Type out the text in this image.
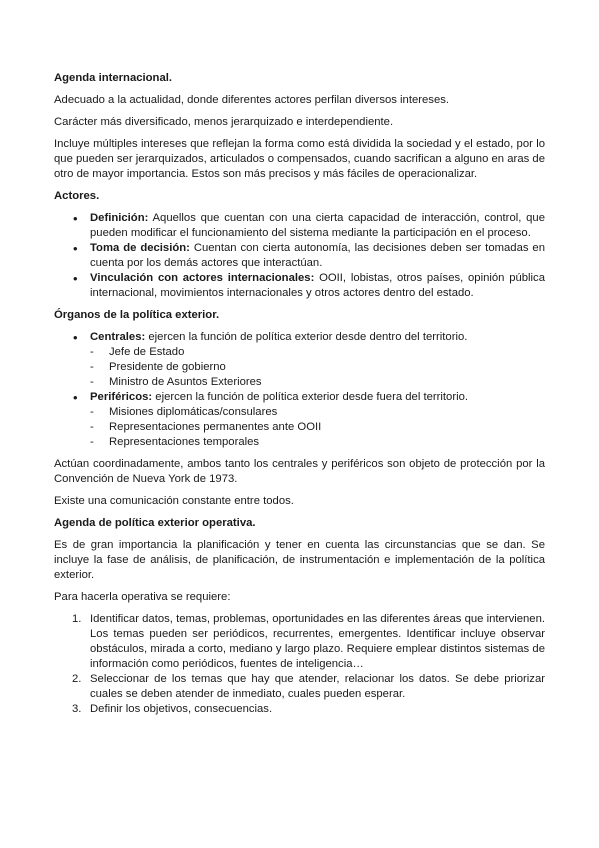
Agenda internacional.

Adecuado a la actualidad, donde diferentes actores perfilan diversos intereses.

Carácter más diversificado, menos jerarquizado e interdependiente.

Incluye múltiples intereses que reflejan la forma como está dividida la sociedad y el estado, por lo que pueden ser jerarquizados, articulados o compensados, cuando sacrifican a alguno en aras de otro de mayor importancia. Estos son más precisos y más fáciles de operacionalizar.

Actores.
• Definición: Aquellos que cuentan con una cierta capacidad de interacción, control, que pueden modificar el funcionamiento del sistema mediante la participación en el proceso.
• Toma de decisión: Cuentan con cierta autonomía, las decisiones deben ser tomadas en cuenta por los demás actores que interactúan.
• Vinculación con actores internacionales: OOII, lobistas, otros países, opinión pública internacional, movimientos internacionales y otros actores dentro del estado.
Órganos de la política exterior.
• Centrales: ejercen la función de política exterior desde dentro del territorio.
- Jefe de Estado
- Presidente de gobierno
- Ministro de Asuntos Exteriores
• Periféricos: ejercen la función de política exterior desde fuera del territorio.
- Misiones diplomáticas/consulares
- Representaciones permanentes ante OOII
- Representaciones temporales

Actúan coordinadamente, ambos tanto los centrales y periféricos son objeto de protección por la Convención de Nueva York de 1973.

Existe una comunicación constante entre todos.

Agenda de política exterior operativa.

Es de gran importancia la planificación y tener en cuenta las circunstancias que se dan. Se incluye la fase de análisis, de planificación, de instrumentación e implementación de la política exterior.

Para hacerla operativa se requiere:

1. Identificar datos, temas, problemas, oportunidades en las diferentes áreas que intervienen. Los temas pueden ser periódicos, recurrentes, emergentes. Identificar incluye observar obstáculos, mirada a corto, mediano y largo plazo. Requiere emplear distintos sistemas de información como periódicos, fuentes de inteligencia…
2. Seleccionar de los temas que hay que atender, relacionar los datos. Se debe priorizar cuales se deben atender de inmediato, cuales pueden esperar.
3. Definir los objetivos, consecuencias.
